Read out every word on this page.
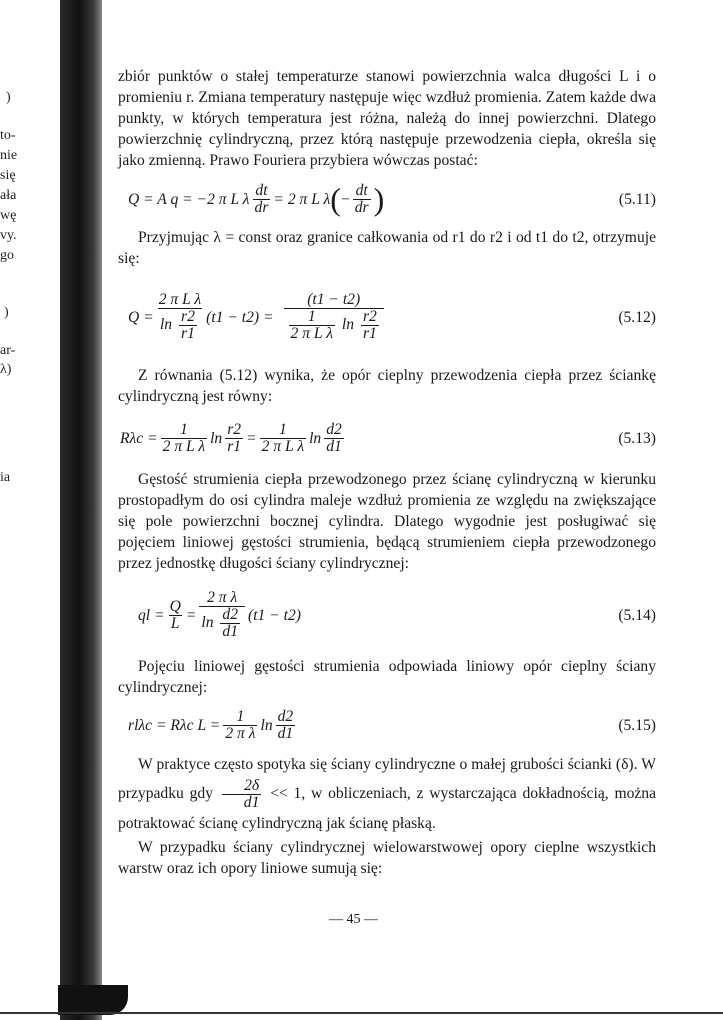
)
to-
nie
się
ała
wę
vy.
go
)
ar-
λ)
ia

zbiór punktów o stałej temperaturze stanowi powierzchnia walca długości L i o promieniu r. Zmiana temperatury następuje więc wzdłuż promienia. Zatem każde dwa punkty, w których temperatura jest różna, należą do innej powierzchni. Dlatego powierzchnię cylindryczną, przez którą następuje przewodzenia ciepła, określa się jako zmienną. Prawo Fouriera przybiera wówczas postać:

Q = A q = −2 π L λ $\frac{dt}{dr} = 2$ π L λ ( − $\frac{dt}{dr}$ )	(5.11)

Przyjmując λ = const oraz granice całkowania od r1 do r2 i od t1 do t2, otrzymuje się:

$Q = \frac{\text{2 π L λ}}{\ln \frac{r2}{r1}} (t1 - t2) = \frac{(t1 - t2)}{\frac{1}{\text{2 π L λ}} \ln \frac{r2}{r1}}$	(5.12)

Z równania (5.12) wynika, że opór cieplny przewodzenia ciepła przez ściankę cylindryczną jest równy:

$R\lambda c = \frac{1}{\text{2 π L λ}}$ $\ln \frac{r2}{r1} = \frac{1}{\text{2 π L λ}}$ $\ln \frac{d2}{d1}$	(5.13)

Gęstość strumienia ciepła przewodzonego przez ścianę cylindryczną w kierunku prostopadłym do osi cylindra maleje wzdłuż promienia ze względu na zwiększające się pole powierzchni bocznej cylindra. Dlatego wygodnie jest posługiwać się pojęciem liniowej gęstości strumienia, będącą strumieniem ciepła przewodzonego przez jednostkę długości ściany cylindrycznej:

ql = $\frac{Q}{L} = \frac{\text{2 π λ}}{\ln \frac{d2}{d1}} (t1 - t2)$	(5.14)

Pojęciu liniowej gęstości strumienia odpowiada liniowy opór cieplny ściany cylindrycznej:

rlλc = Rλc $L = \frac{1}{\text{2 π λ}}$ $\ln \frac{d2}{d1}$	(5.15)

W praktyce często spotyka się ściany cylindryczne o małej grubości ścianki (δ). W przypadku gdy $\frac{2\delta}{d1} << 1$, w obliczeniach, z wystarczająca dokładnością, można potraktować ścianę cylindryczną jak ścianę płaską.

W przypadku ściany cylindrycznej wielowarstwowej opory cieplne wszystkich warstw oraz ich opory liniowe sumują się:

— 45 —
